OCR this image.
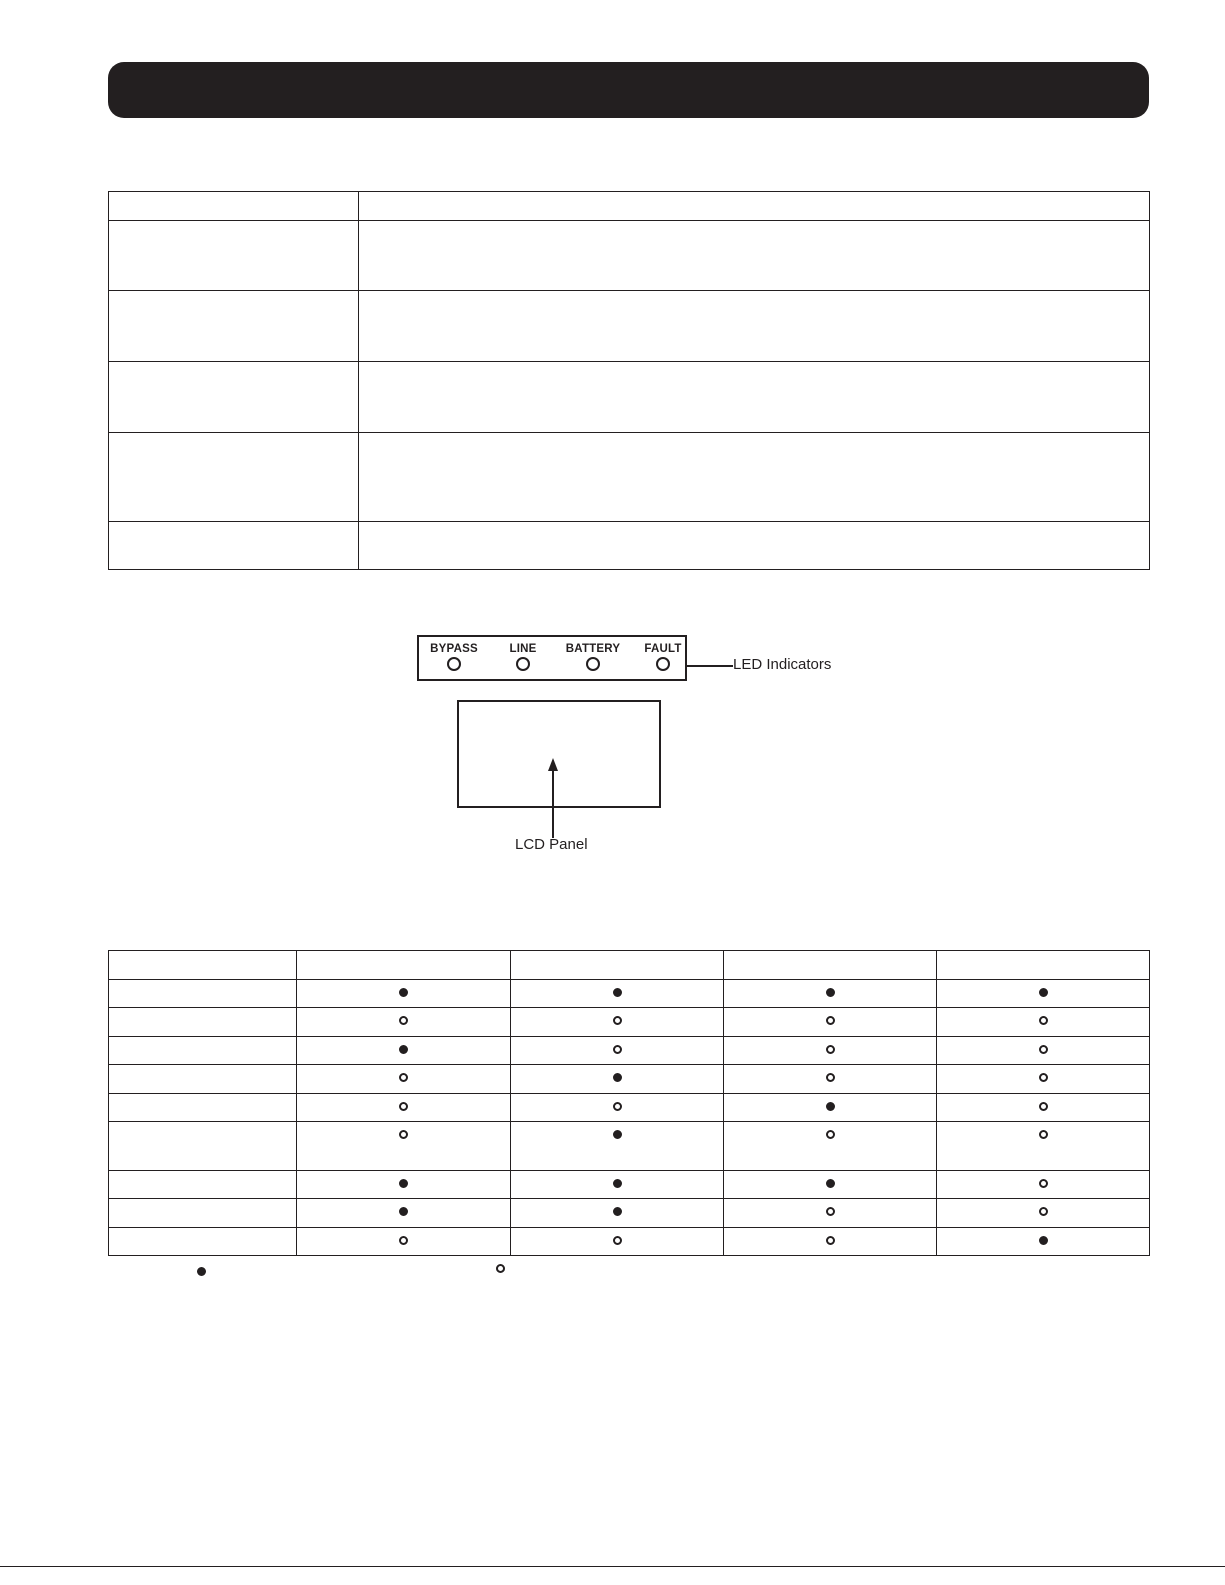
BYPASS	LINE	BATTERY	FAULT
LED Indicators
LCD Panel
